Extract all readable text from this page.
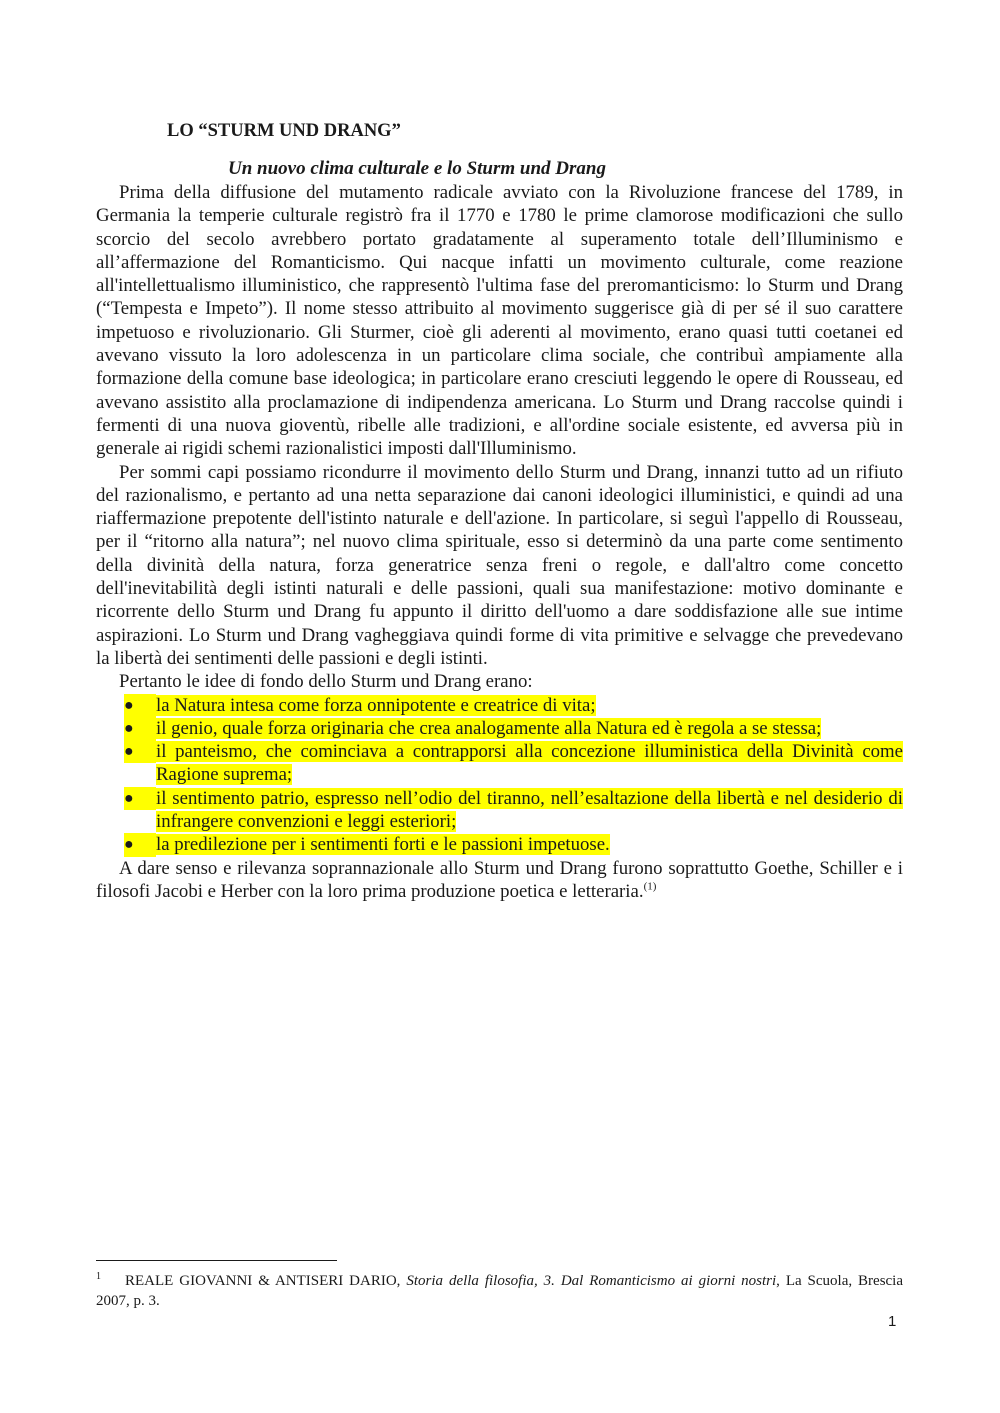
LO “STURM UND DRANG”
Un nuovo clima culturale e lo Sturm und Drang

Prima della diffusione del mutamento radicale avviato con la Rivoluzione francese del 1789, in Germania la temperie culturale registrò fra il 1770 e 1780 le prime clamorose modificazioni che sullo scorcio del secolo avrebbero portato gradatamente al superamento totale dell’Illuminismo e all’affermazione del Romanticismo. Qui nacque infatti un movimento culturale, come reazione all'intellettualismo illuministico, che rappresentò l'ultima fase del preromanticismo: lo Sturm und Drang (“Tempesta e Impeto”). Il nome stesso attribuito al movimento suggerisce già di per sé il suo carattere impetuoso e rivoluzionario. Gli Sturmer, cioè gli aderenti al movimento, erano quasi tutti coetanei ed avevano vissuto la loro adolescenza in un particolare clima sociale, che contribuì ampiamente alla formazione della comune base ideologica; in particolare erano cresciuti leggendo le opere di Rousseau, ed avevano assistito alla proclamazione di indipendenza americana. Lo Sturm und Drang raccolse quindi i fermenti di una nuova gioventù, ribelle alle tradizioni, e all'ordine sociale esistente, ed avversa più in generale ai rigidi schemi razionalistici imposti dall'Illuminismo.

Per sommi capi possiamo ricondurre il movimento dello Sturm und Drang, innanzi tutto ad un rifiuto del razionalismo, e pertanto ad una netta separazione dai canoni ideologici illuministici, e quindi ad una riaffermazione prepotente dell'istinto naturale e dell'azione. In particolare, si seguì l'appello di Rousseau, per il “ritorno alla natura”; nel nuovo clima spirituale, esso si determinò da una parte come sentimento della divinità della natura, forza generatrice senza freni o regole, e dall'altro come concetto dell'inevitabilità degli istinti naturali e delle passioni, quali sua manifestazione: motivo dominante e ricorrente dello Sturm und Drang fu appunto il diritto dell'uomo a dare soddisfazione alle sue intime aspirazioni. Lo Sturm und Drang vagheggiava quindi forme di vita primitive e selvagge che prevedevano la libertà dei sentimenti delle passioni e degli istinti.

Pertanto le idee di fondo dello Sturm und Drang erano:

●	la Natura intesa come forza onnipotente e creatrice di vita;
●	il genio, quale forza originaria che crea analogamente alla Natura ed è regola a se stessa;
●	il panteismo, che cominciava a contrapporsi alla concezione illuministica della Divinità come Ragione suprema;
●	il sentimento patrio, espresso nell’odio del tiranno, nell’esaltazione della libertà e nel desiderio di infrangere convenzioni e leggi esteriori;
●	la predilezione per i sentimenti forti e le passioni impetuose.

A dare senso e rilevanza soprannazionale allo Sturm und Drang furono soprattutto Goethe, Schiller e i filosofi Jacobi e Herber con la loro prima produzione poetica e letteraria.$^{(1)}$

$^1$ REALE GIOVANNI & ANTISERI DARIO, Storia della filosofia, 3. Dal Romanticismo ai giorni nostri, La Scuola, Brescia 2007, p. 3.

1
